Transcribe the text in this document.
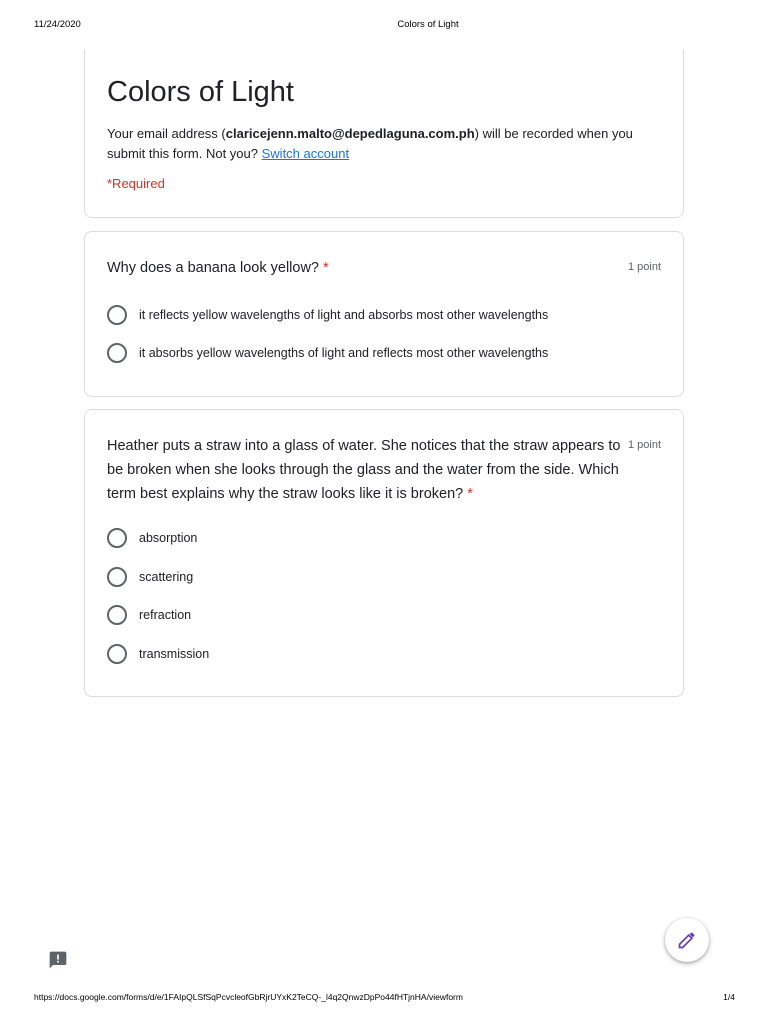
11/24/2020	Colors of Light
Colors of Light
Your email address (claricejenn.malto@depedlaguna.com.ph) will be recorded when you submit this form. Not you? Switch account
*Required
Why does a banana look yellow? *	1 point
it reflects yellow wavelengths of light and absorbs most other wavelengths
it absorbs yellow wavelengths of light and reflects most other wavelengths
Heather puts a straw into a glass of water. She notices that the straw appears to be broken when she looks through the glass and the water from the side. Which term best explains why the straw looks like it is broken? *
1 point
absorption
scattering
refraction
transmission
https://docs.google.com/forms/d/e/1FAIpQLSfSqPcvcleofGbRjrUYxK2TeCQ-_l4q2QnwzDpPo44fHTjnHA/viewform	1/4
